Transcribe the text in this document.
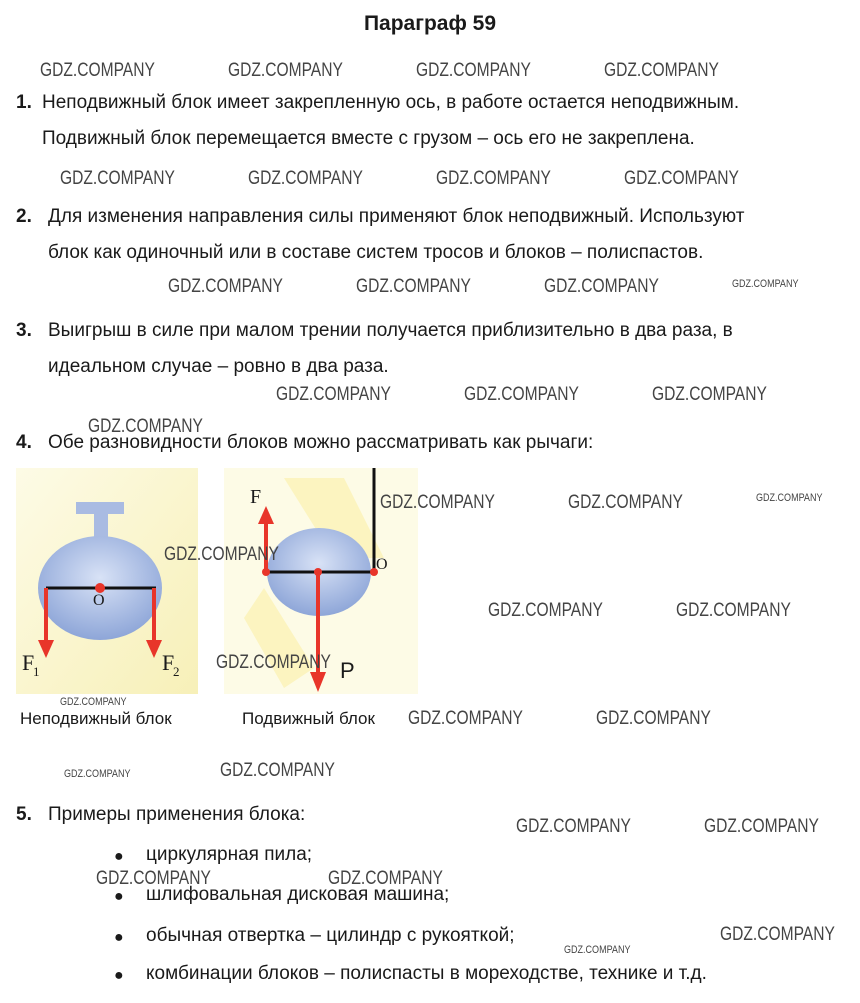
Параграф 59
1. Неподвижный блок имеет закрепленную ось, в работе остается неподвижным.
Подвижный блок перемещается вместе с грузом – ось его не закреплена.
2. Для изменения направления силы применяют блок неподвижный. Используют
блок как одиночный или в составе систем тросов и блоков – полиспастов.
3. Выигрыш в силе при малом трении получается приблизительно в два раза, в
идеальном случае – ровно в два раза.
4. Обе разновидности блоков можно рассматривать как рычаги:
O
F
1	F
2
Неподвижный блок
O
F
P
Подвижный блок
5. Примеры применения блока:
● циркулярная пила;
● шлифовальная дисковая машина;
● обычная отвертка – цилиндр с рукояткой;
● комбинации блоков – полиспасты в мореходстве, технике и т.д.
GDZ.COMPANY	GDZ.COMPANY	GDZ.COMPANY	GDZ.COMPANY
GDZ.COMPANY	GDZ.COMPANY	GDZ.COMPANY	GDZ.COMPANY
GDZ.COMPANY	GDZ.COMPANY	GDZ.COMPANY	GDZ.COMPANY
GDZ.COMPANY	GDZ.COMPANY	GDZ.COMPANY
GDZ.COMPANY
GDZ.COMPANY	GDZ.COMPANY	GDZ.COMPANY
GDZ.COMPANY
GDZ.COMPANY	GDZ.COMPANY
GDZ.COMPANY
GDZ.COMPANY
GDZ.COMPANY	GDZ.COMPANY
GDZ.COMPANY	GDZ.COMPANY
GDZ.COMPANY	GDZ.COMPANY
GDZ.COMPANY	GDZ.COMPANY
GDZ.COMPANY
GDZ.COMPANY
